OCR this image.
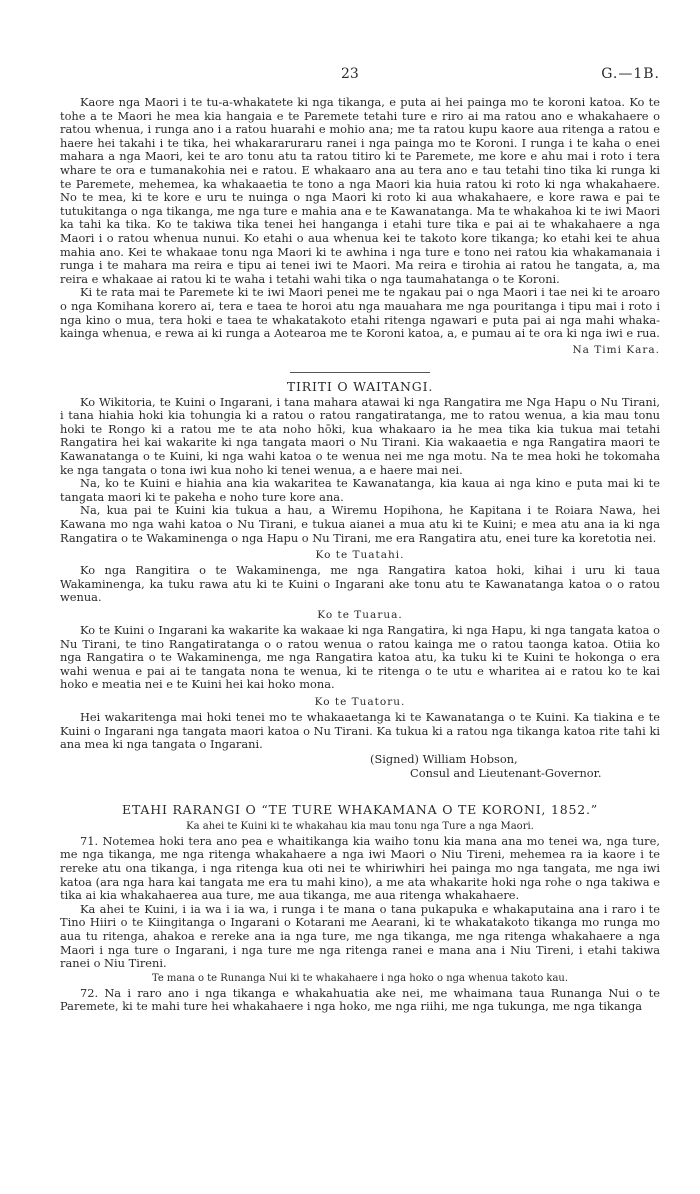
23	G.—1B.

Kaore nga Maori i te tu-a-whakatete ki nga tikanga, e puta ai hei painga mo te koroni katoa. Ko te tohe a te Maori he mea kia hangaia e te Paremete tetahi ture e riro ai ma ratou ano e whakahaere o ratou whenua, i runga ano i a ratou huarahi e mohio ana; me ta ratou kupu kaore aua ritenga a ratou e haere hei takahi i te tika, hei whakararuraru ranei i nga painga mo te Koroni. I runga i te kaha o enei mahara a nga Maori, kei te aro tonu atu ta ratou titiro ki te Paremete, me kore e ahu mai i roto i tera whare te ora e tumanakohia nei e ratou. E whakaaro ana au tera ano e tau tetahi tino tika ki runga ki te Paremete, mehemea, ka whakaaetia te tono a nga Maori kia huia ratou ki roto ki nga whakahaere. No te mea, ki te kore e uru te nuinga o nga Maori ki roto ki aua whakahaere, e kore rawa e pai te tutukitanga o nga tikanga, me nga ture e mahia ana e te Kawanatanga. Ma te whakahoa ki te iwi Maori ka tahi ka tika. Ko te takiwa tika tenei hei hanganga i etahi ture tika e pai ai te whakahaere a nga Maori i o ratou whenua nunui. Ko etahi o aua whenua kei te takoto kore tikanga; ko etahi kei te ahua mahia ano. Kei te whakaae tonu nga Maori ki te awhina i nga ture e tono nei ratou kia whakamanaia i runga i te mahara ma reira e tipu ai tenei iwi te Maori. Ma reira e tirohia ai ratou he tangata, a, ma reira e whakaae ai ratou ki te waha i tetahi wahi tika o nga taumahatanga o te Koroni.

Ki te rata mai te Paremete ki te iwi Maori penei me te ngakau pai o nga Maori i tae nei ki te aroaro o nga Komihana korero ai, tera e taea te horoi atu nga mauahara me nga pouritanga i tipu mai i roto i nga kino o mua, tera hoki e taea te whakatakoto etahi ritenga ngawari e puta pai ai nga mahi whaka-kainga whenua, e rewa ai ki runga a Aotearoa me te Koroni katoa, a, e pumau ai te ora ki nga iwi e rua.

Na Timi Kara.
TIRITI O WAITANGI.

Ko Wikitoria, te Kuini o Ingarani, i tana mahara atawai ki nga Rangatira me Nga Hapu o Nu Tirani, i tana hiahia hoki kia tohungia ki a ratou o ratou rangatiratanga, me to ratou wenua, a kia mau tonu hoki te Rongo ki a ratou me te ata noho hōki, kua whakaaro ia he mea tika kia tukua mai tetahi Rangatira hei kai wakarite ki nga tangata maori o Nu Tirani. Kia wakaaetia e nga Rangatira maori te Kawanatanga o te Kuini, ki nga wahi katoa o te wenua nei me nga motu. Na te mea hoki he tokomaha ke nga tangata o tona iwi kua noho ki tenei wenua, a e haere mai nei.

Na, ko te Kuini e hiahia ana kia wakaritea te Kawanatanga, kia kaua ai nga kino e puta mai ki te tangata maori ki te pakeha e noho ture kore ana.

Na, kua pai te Kuini kia tukua a hau, a Wiremu Hopihona, he Kapitana i te Roiara Nawa, hei Kawana mo nga wahi katoa o Nu Tirani, e tukua aianei a mua atu ki te Kuini; e mea atu ana ia ki nga Rangatira o te Wakaminenga o nga Hapu o Nu Tirani, me era Rangatira atu, enei ture ka koretotia nei.

Ko te Tuatahi.

Ko nga Rangitira o te Wakaminenga, me nga Rangatira katoa hoki, kihai i uru ki taua Wakaminenga, ka tuku rawa atu ki te Kuini o Ingarani ake tonu atu te Kawanatanga katoa o o ratou wenua.

Ko te Tuarua.

Ko te Kuini o Ingarani ka wakarite ka wakaae ki nga Rangatira, ki nga Hapu, ki nga tangata katoa o Nu Tirani, te tino Rangatiratanga o o ratou wenua o ratou kainga me o ratou taonga katoa. Otiia ko nga Rangatira o te Wakaminenga, me nga Rangatira katoa atu, ka tuku ki te Kuini te hokonga o era wahi wenua e pai ai te tangata nona te wenua, ki te ritenga o te utu e wharitea ai e ratou ko te kai hoko e meatia nei e te Kuini hei kai hoko mona.

Ko te Tuatoru.

Hei wakaritenga mai hoki tenei mo te whakaaetanga ki te Kawanatanga o te Kuini. Ka tiakina e te Kuini o Ingarani nga tangata maori katoa o Nu Tirani. Ka tukua ki a ratou nga tikanga katoa rite tahi ki ana mea ki nga tangata o Ingarani.

(Signed) William Hobson,
Consul and Lieutenant-Governor.
ETAHI RARANGI O “TE TURE WHAKAMANA O TE KORONI, 1852.”
Ka ahei te Kuini ki te whakahau kia mau tonu nga Ture a nga Maori.

71. Notemea hoki tera ano pea e whaitikanga kia waiho tonu kia mana ana mo tenei wa, nga ture, me nga tikanga, me nga ritenga whakahaere a nga iwi Maori o Niu Tireni, mehemea ra ia kaore i te rereke atu ona tikanga, i nga ritenga kua oti nei te whiriwhiri hei painga mo nga tangata, me nga iwi katoa (ara nga hara kai tangata me era tu mahi kino), a me ata whakarite hoki nga rohe o nga takiwa e tika ai kia whakahaerea aua ture, me aua tikanga, me aua ritenga whakahaere.

Ka ahei te Kuini, i ia wa i ia wa, i runga i te mana o tana pukapuka e whakaputaina ana i raro i te Tino Hiiri o te Kiingitanga o Ingarani o Kotarani me Aearani, ki te whakatakoto tikanga mo runga mo aua tu ritenga, ahakoa e rereke ana ia nga ture, me nga tikanga, me nga ritenga whakahaere a nga Maori i nga ture o Ingarani, i nga ture me nga ritenga ranei e mana ana i Niu Tireni, i etahi takiwa ranei o Niu Tireni.

Te mana o te Runanga Nui ki te whakahaere i nga hoko o nga whenua takoto kau.

72. Na i raro ano i nga tikanga e whakahuatia ake nei, me whaimana taua Runanga Nui o te Paremete, ki te mahi ture hei whakahaere i nga hoko, me nga riihi, me nga tukunga, me nga tikanga
